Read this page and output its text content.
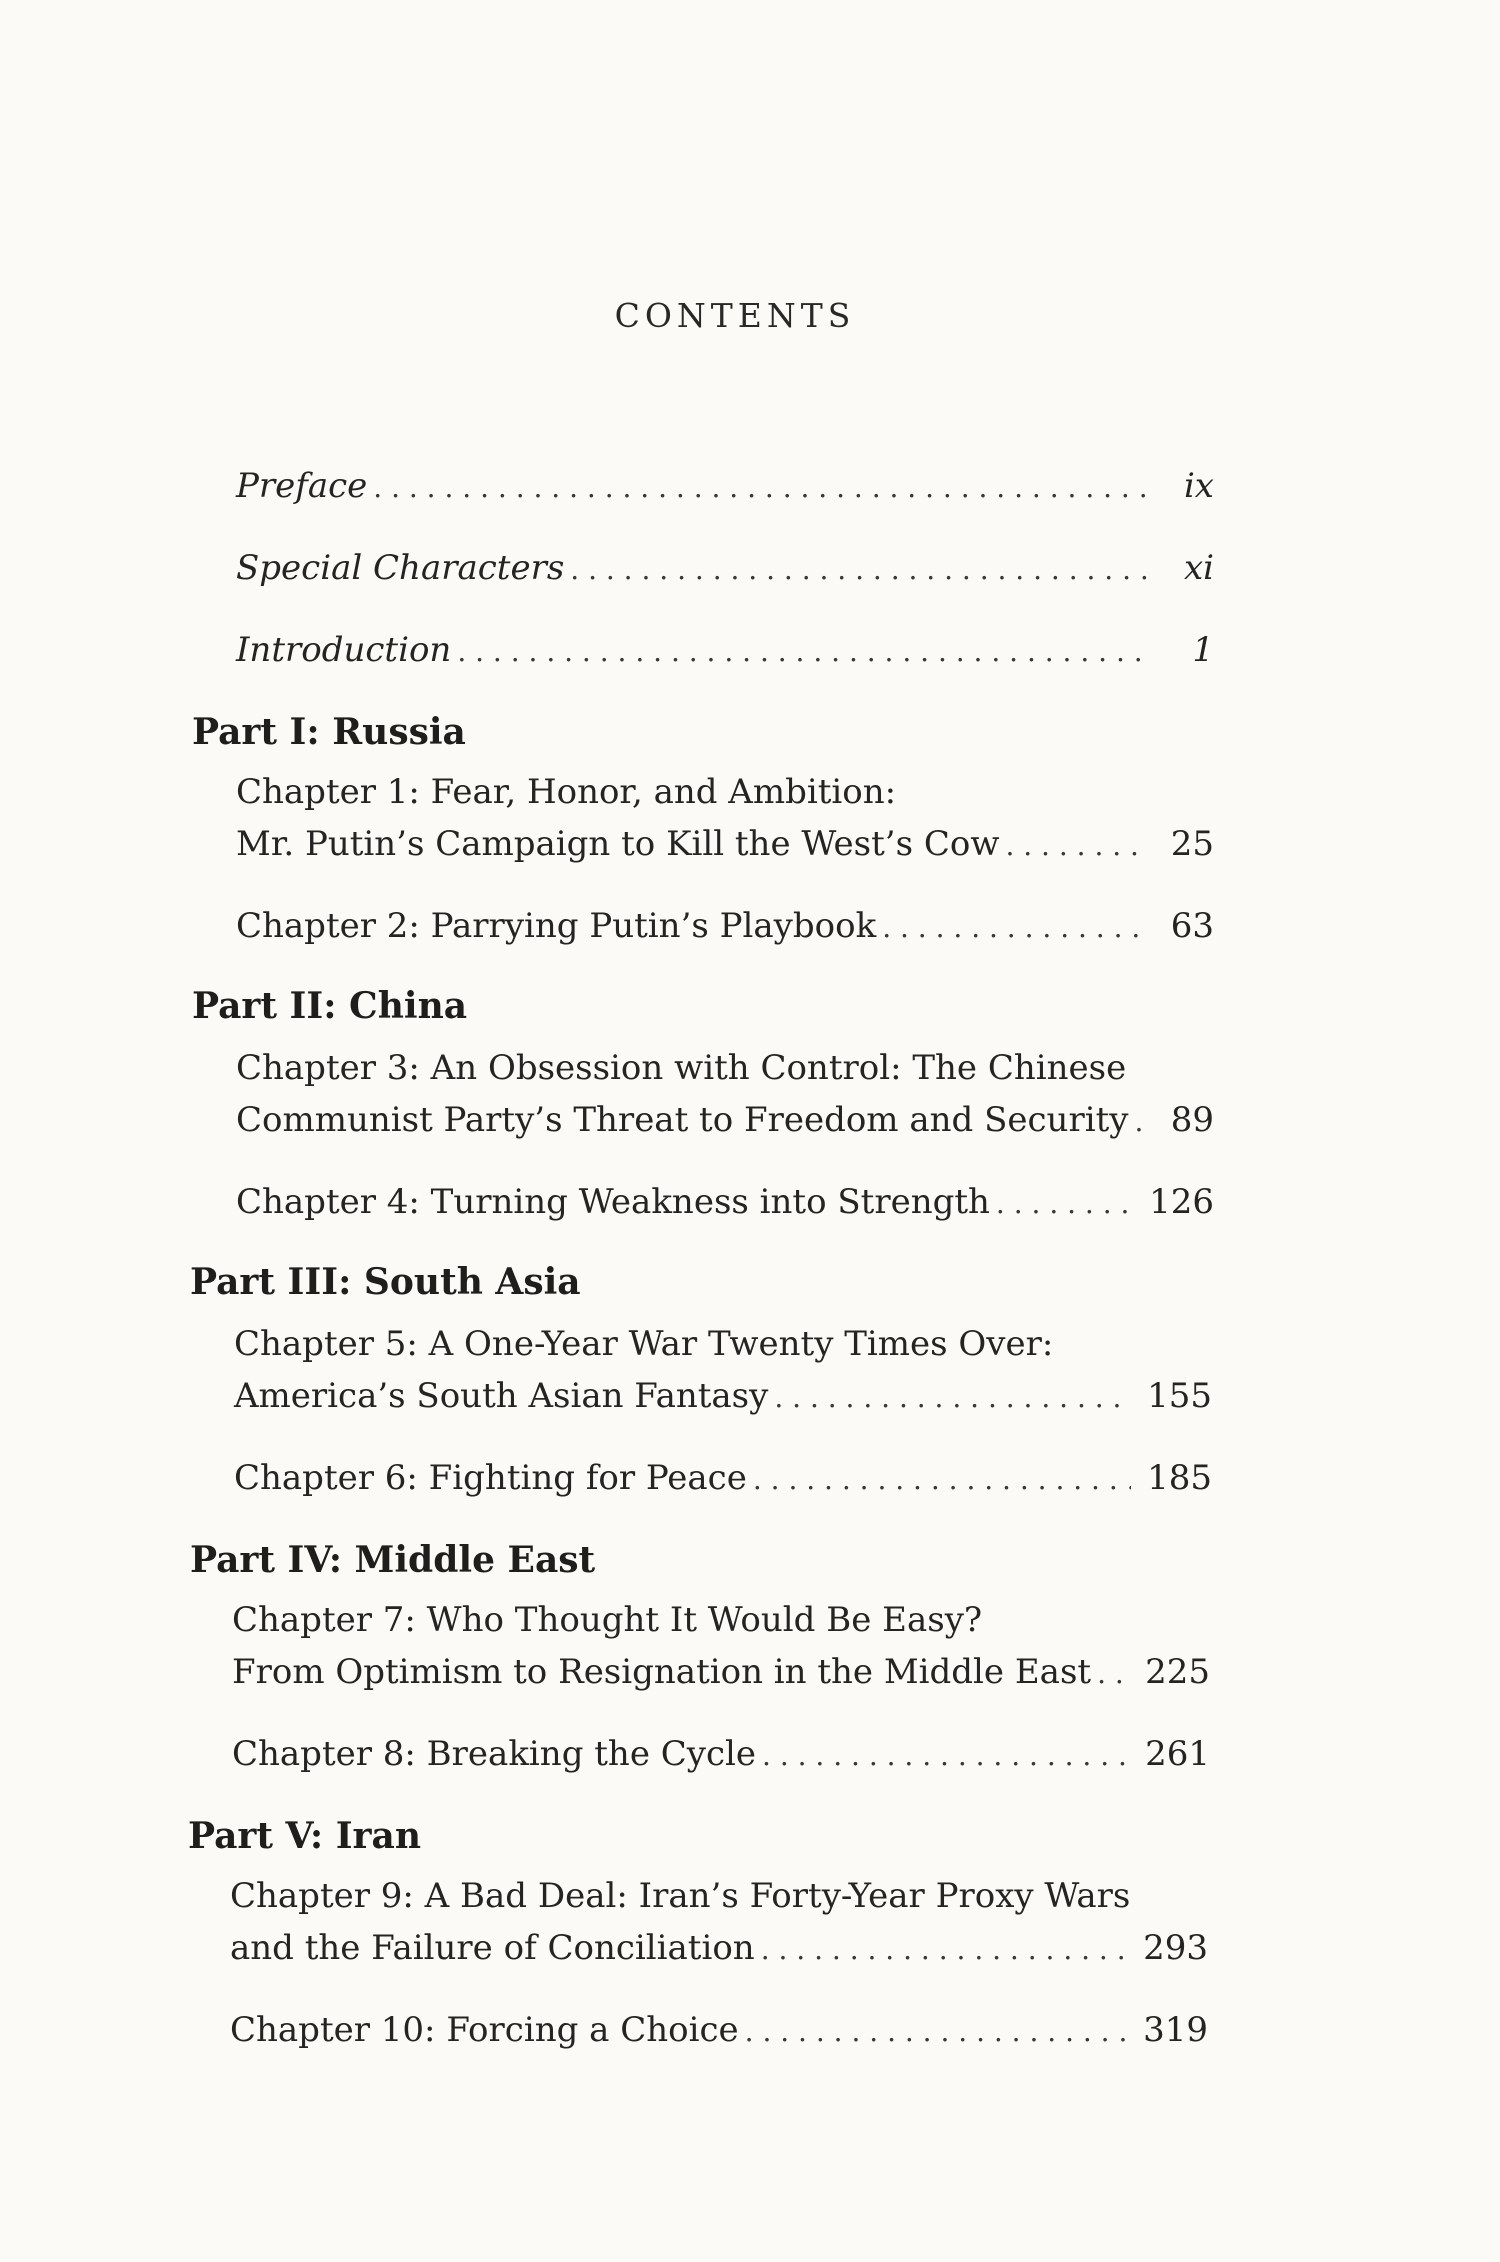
CONTENTS
Preface . . .	ix
Special Characters . . .	xi
Introduction . . .	1
Part I: Russia
Chapter 1: Fear, Honor, and Ambition:
Mr. Putin’s Campaign to Kill the West’s Cow . . .	25
Chapter 2: Parrying Putin’s Playbook . . .	63
Part II: China
Chapter 3: An Obsession with Control: The Chinese
Communist Party’s Threat to Freedom and Security . . . 89
Chapter 4: Turning Weakness into Strength . . .	126
Part III: South Asia
Chapter 5: A One-Year War Twenty Times Over:
America’s South Asian Fantasy . . .	155
Chapter 6: Fighting for Peace . . .	185
Part IV: Middle East
Chapter 7: Who Thought It Would Be Easy?
From Optimism to Resignation in the Middle East . . . 225
Chapter 8: Breaking the Cycle . . .	261
Part V: Iran
Chapter 9: A Bad Deal: Iran’s Forty-Year Proxy Wars
and the Failure of Conciliation . . .	293
Chapter 10: Forcing a Choice . . .	319
